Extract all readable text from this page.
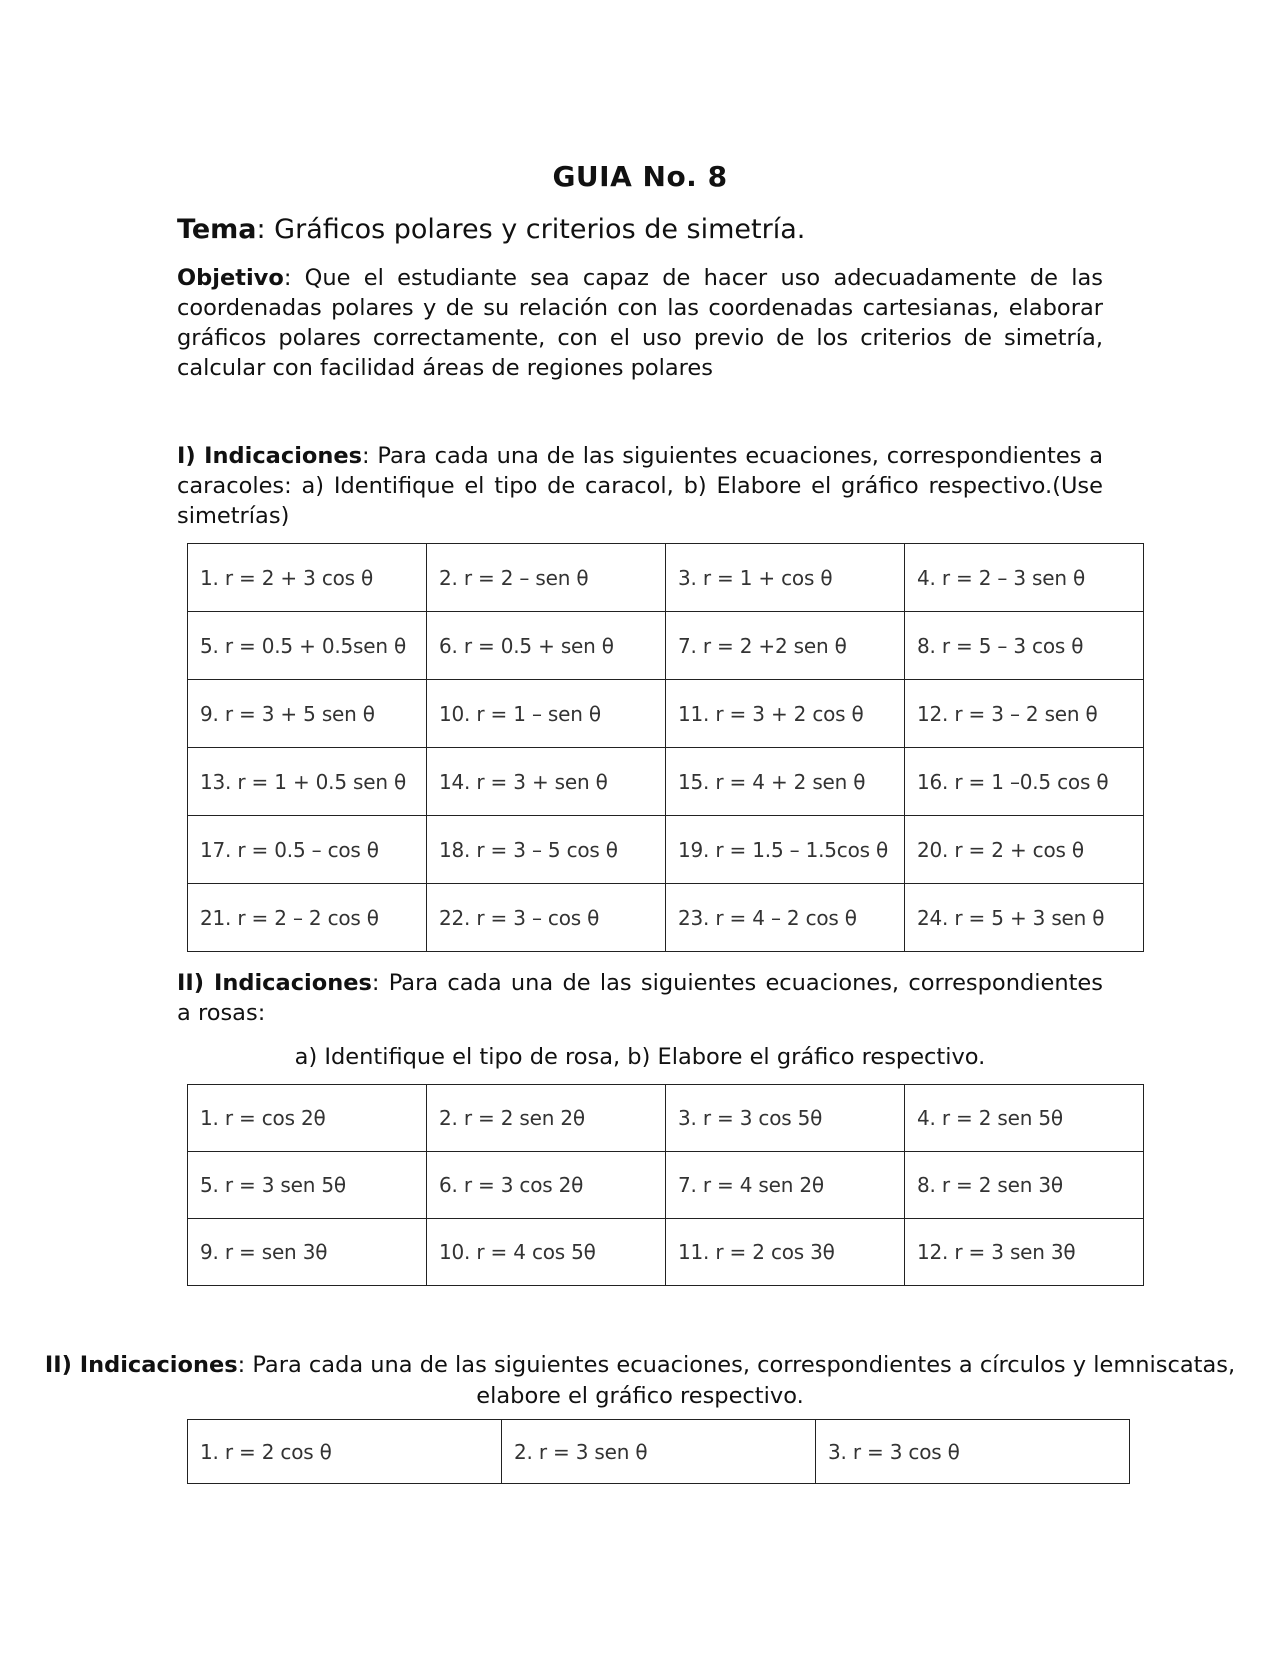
GUIA No. 8
Tema: Gráficos polares y criterios de simetría.
Objetivo: Que el estudiante sea capaz de hacer uso adecuadamente de las coordenadas polares y de su relación con las coordenadas cartesianas, elaborar gráficos polares correctamente, con el uso previo de los criterios de simetría, calcular con facilidad áreas de regiones polares
I) Indicaciones: Para cada una de las siguientes ecuaciones, correspondientes a caracoles: a) Identifique el tipo de caracol, b) Elabore el gráfico respectivo.(Use simetrías)
1. r = 2 + 3 cos θ	2. r = 2 – sen θ	3. r = 1 + cos θ	4. r = 2 – 3 sen θ
5. r = 0.5 + 0.5sen θ	6. r = 0.5 + sen θ	7. r = 2 +2 sen θ	8. r = 5 – 3 cos θ
9. r = 3 + 5 sen θ	10. r = 1 – sen θ	11. r = 3 + 2 cos θ	12. r = 3 – 2 sen θ
13. r = 1 + 0.5 sen θ	14. r = 3 + sen θ	15. r = 4 + 2 sen θ	16. r = 1 –0.5 cos θ
17. r = 0.5 – cos θ	18. r = 3 – 5 cos θ	19. r = 1.5 – 1.5cos θ	20. r = 2 + cos θ
21. r = 2 – 2 cos θ	22. r = 3 – cos θ	23. r = 4 – 2 cos θ	24. r = 5 + 3 sen θ
II) Indicaciones: Para cada una de las siguientes ecuaciones, correspondientes a rosas:
a) Identifique el tipo de rosa, b) Elabore el gráfico respectivo.
1. r = cos 2θ	2. r = 2 sen 2θ	3. r = 3 cos 5θ	4. r = 2 sen 5θ
5. r = 3 sen 5θ	6. r = 3 cos 2θ	7. r = 4 sen 2θ	8. r = 2 sen 3θ
9. r = sen 3θ	10. r = 4 cos 5θ	11. r = 2 cos 3θ	12. r = 3 sen 3θ
II) Indicaciones: Para cada una de las siguientes ecuaciones, correspondientes a círculos y lemniscatas, elabore el gráfico respectivo.
1. r = 2 cos θ	2. r = 3 sen θ	3. r = 3 cos θ
